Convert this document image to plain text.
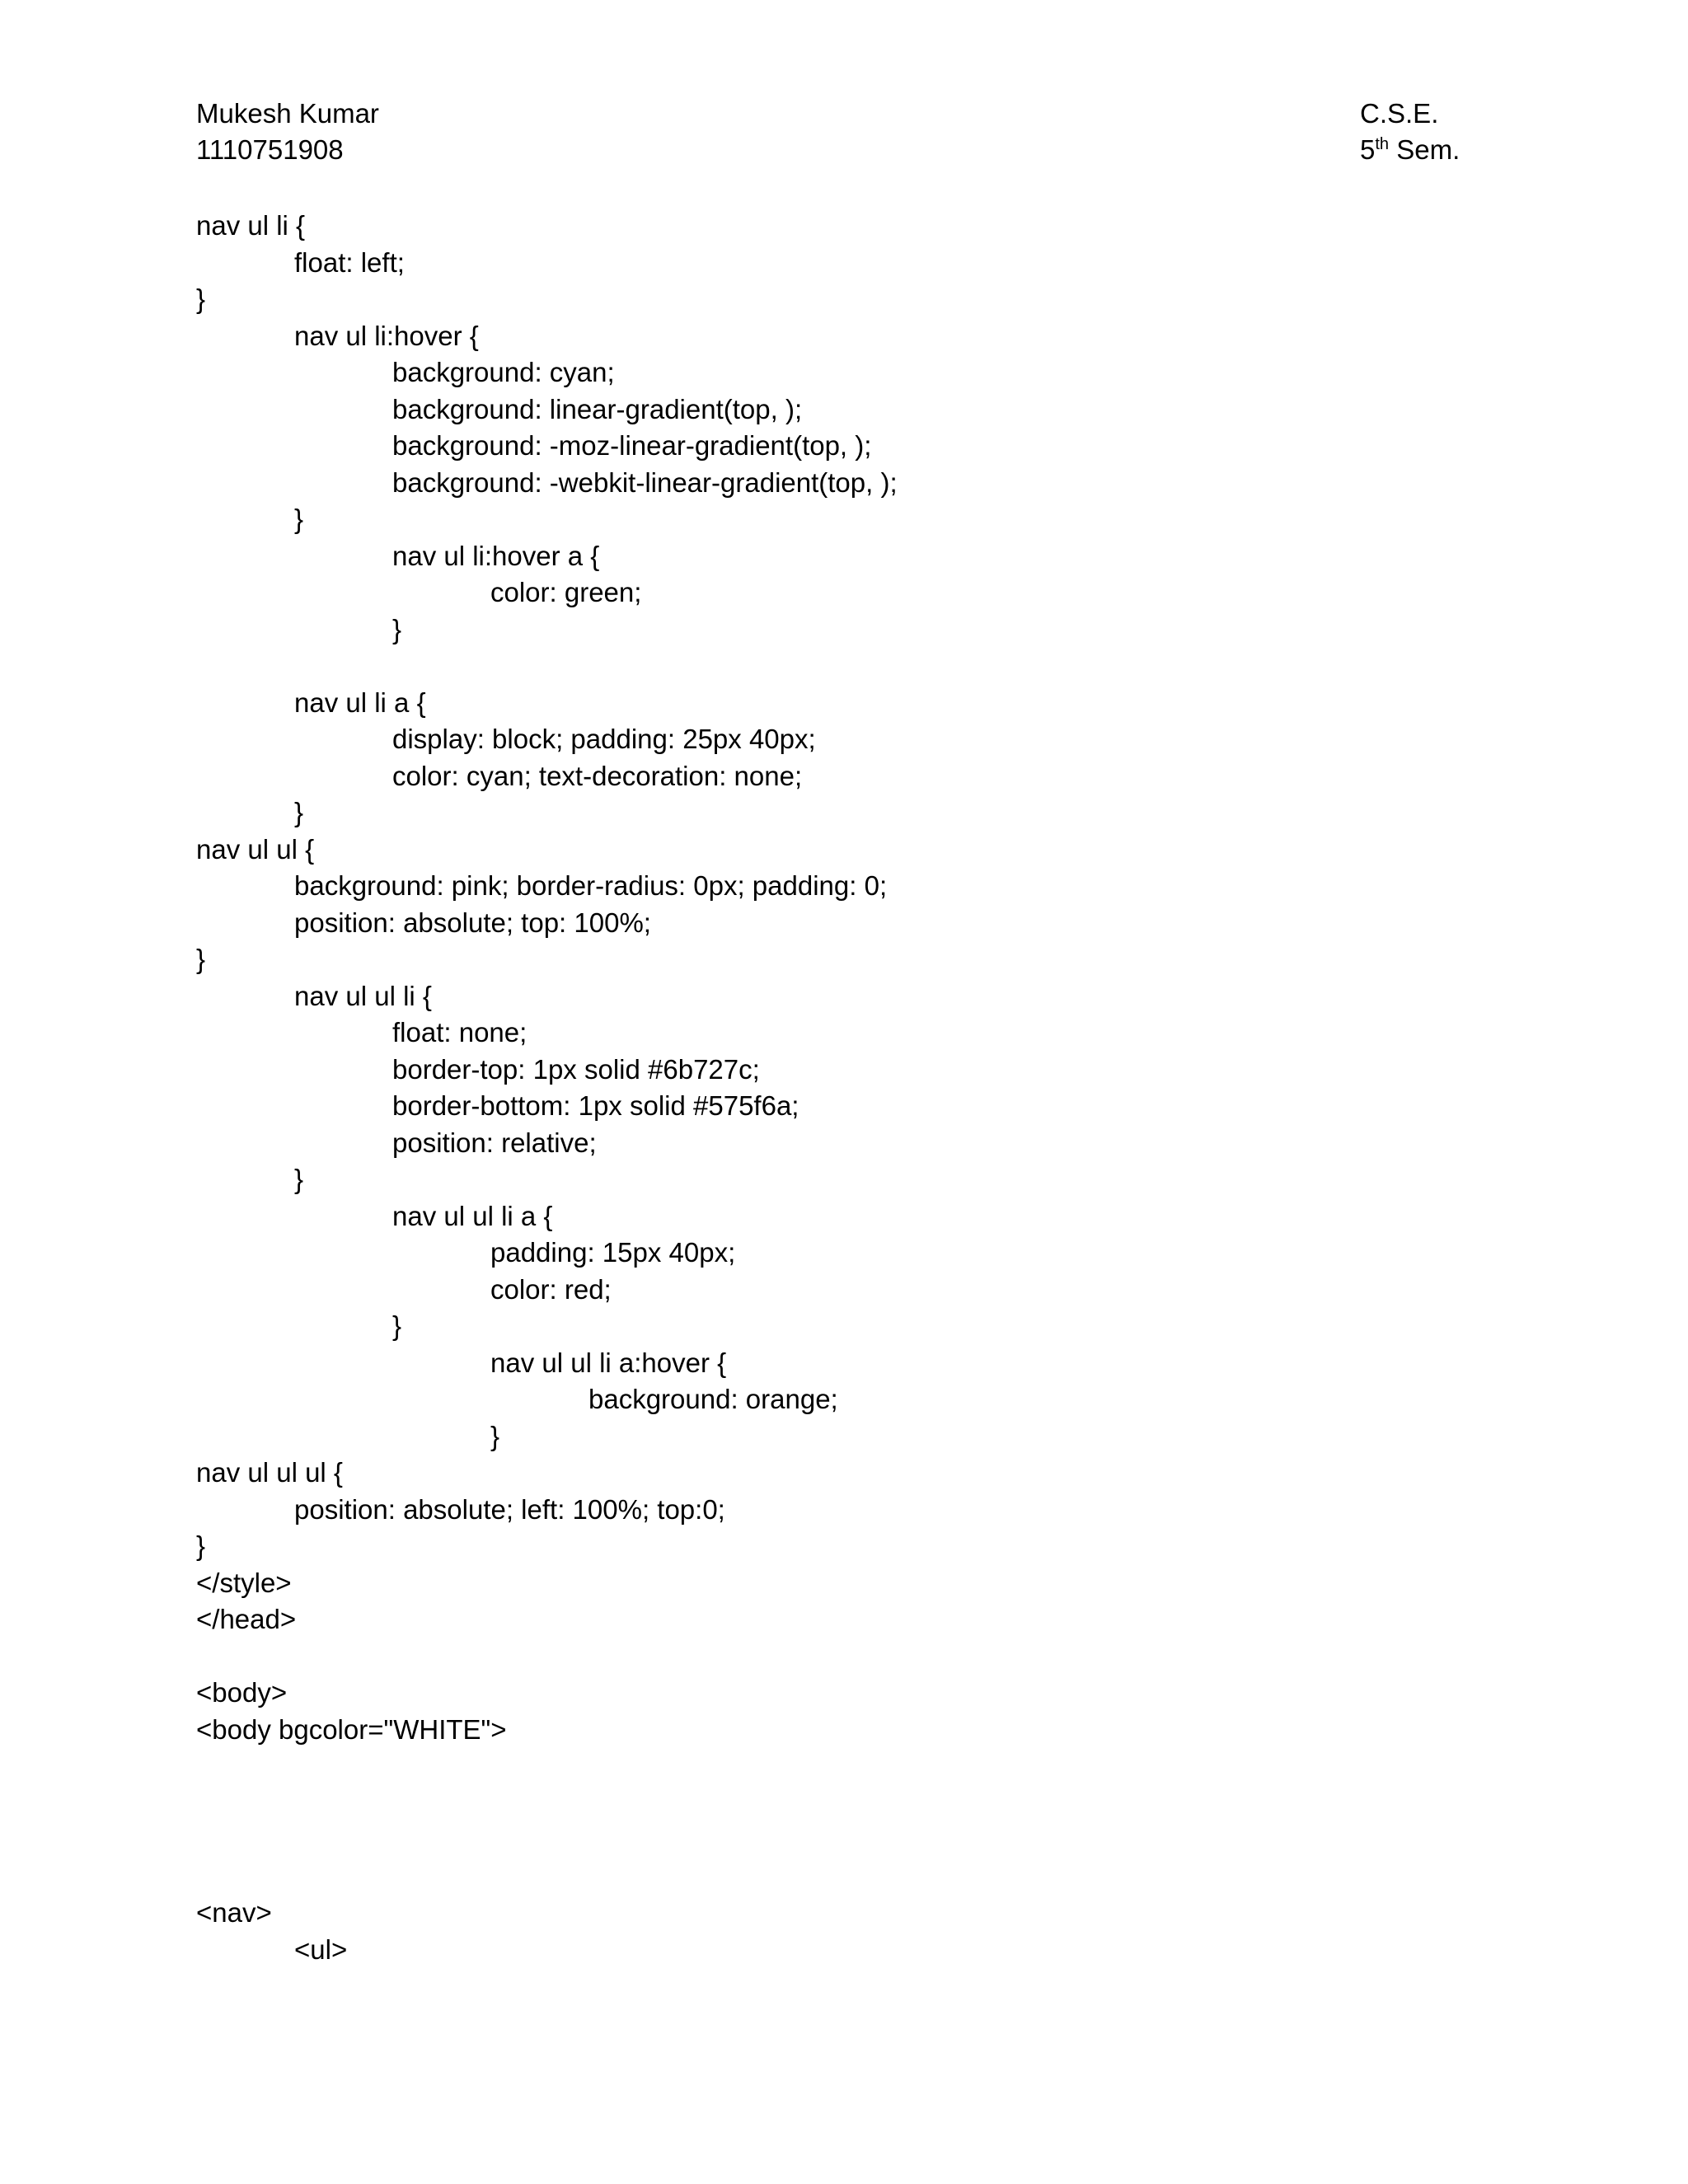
Mukesh Kumar
1110751908
C.S.E.
5th Sem.
nav ul li {
float: left;
}
nav ul li:hover {
background: cyan;
background: linear-gradient(top, );
background: -moz-linear-gradient(top, );
background: -webkit-linear-gradient(top, );
}
nav ul li:hover a {
color: green;
}
nav ul li a {
display: block; padding: 25px 40px;
color: cyan; text-decoration: none;
}
nav ul ul {
background: pink; border-radius: 0px; padding: 0;
position: absolute; top: 100%;
}
nav ul ul li {
float: none;
border-top: 1px solid #6b727c;
border-bottom: 1px solid #575f6a;
position: relative;
}
nav ul ul li a {
padding: 15px 40px;
color: red;
}
nav ul ul li a:hover {
background: orange;
}
nav ul ul ul {
position: absolute; left: 100%; top:0;
}
</style>
</head>
<body>
<body bgcolor="WHITE">
<nav>
<ul>
